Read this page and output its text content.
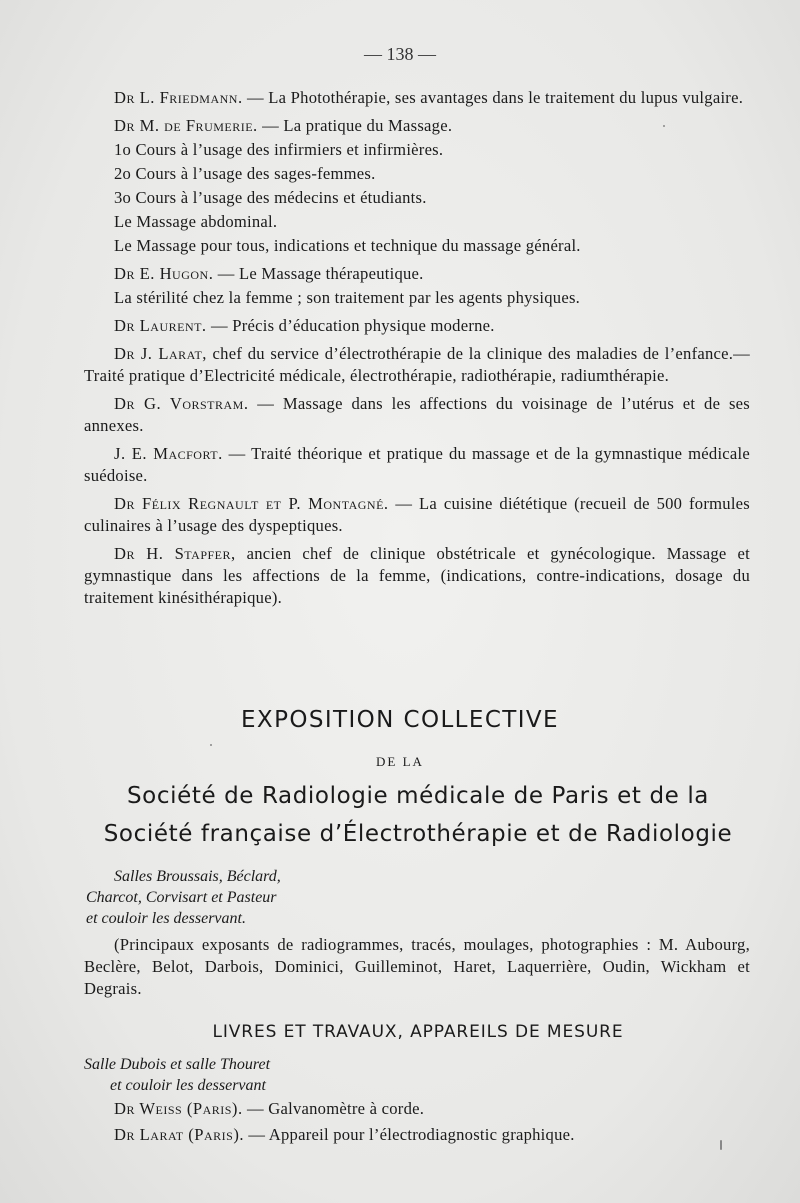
— 138 —

Dr L. Friedmann. — La Photothérapie, ses avantages dans le traitement du lupus vulgaire.

Dr M. de Frumerie. — La pratique du Massage.

1o Cours à l’usage des infirmiers et infirmières.

2o Cours à l’usage des sages-femmes.

3o Cours à l’usage des médecins et étudiants.

Le Massage abdominal.

Le Massage pour tous, indications et technique du massage général.

Dr E. Hugon. — Le Massage thérapeutique.

La stérilité chez la femme ; son traitement par les agents physiques.

Dr Laurent. — Précis d’éducation physique moderne.

Dr J. Larat, chef du service d’électrothérapie de la clinique des maladies de l’enfance.— Traité pratique d’Electricité médicale, électrothérapie, radiothérapie, radiumthérapie.

Dr G. Vorstram. — Massage dans les affections du voisinage de l’utérus et de ses annexes.

J. E. Macfort. — Traité théorique et pratique du massage et de la gymnastique médicale suédoise.

Dr Félix Regnault et P. Montagné. — La cuisine diététique (recueil de 500 formules culinaires à l’usage des dyspeptiques.

Dr H. Stapfer, ancien chef de clinique obstétricale et gynécologique. Massage et gymnastique dans les affections de la femme, (indications, contre-indications, dosage du traitement kinésithérapique).

EXPOSITION COLLECTIVE
DE LA
Société de Radiologie médicale de Paris et de la
Société française d’Électrothérapie et de Radiologie
Salles Broussais, Béclard,
Charcot, Corvisart et Pasteur
et couloir les desservant.

(Principaux exposants de radiogrammes, tracés, moulages, photographies : M. Aubourg, Beclère, Belot, Darbois, Dominici, Guilleminot, Haret, Laquerrière, Oudin, Wickham et Degrais.

LIVRES ET TRAVAUX, APPAREILS DE MESURE
Salle Dubois et salle Thouret
et couloir les desservant

Dr Weiss (Paris). — Galvanomètre à corde.

Dr Larat (Paris). — Appareil pour l’électrodiagnostic graphique.
